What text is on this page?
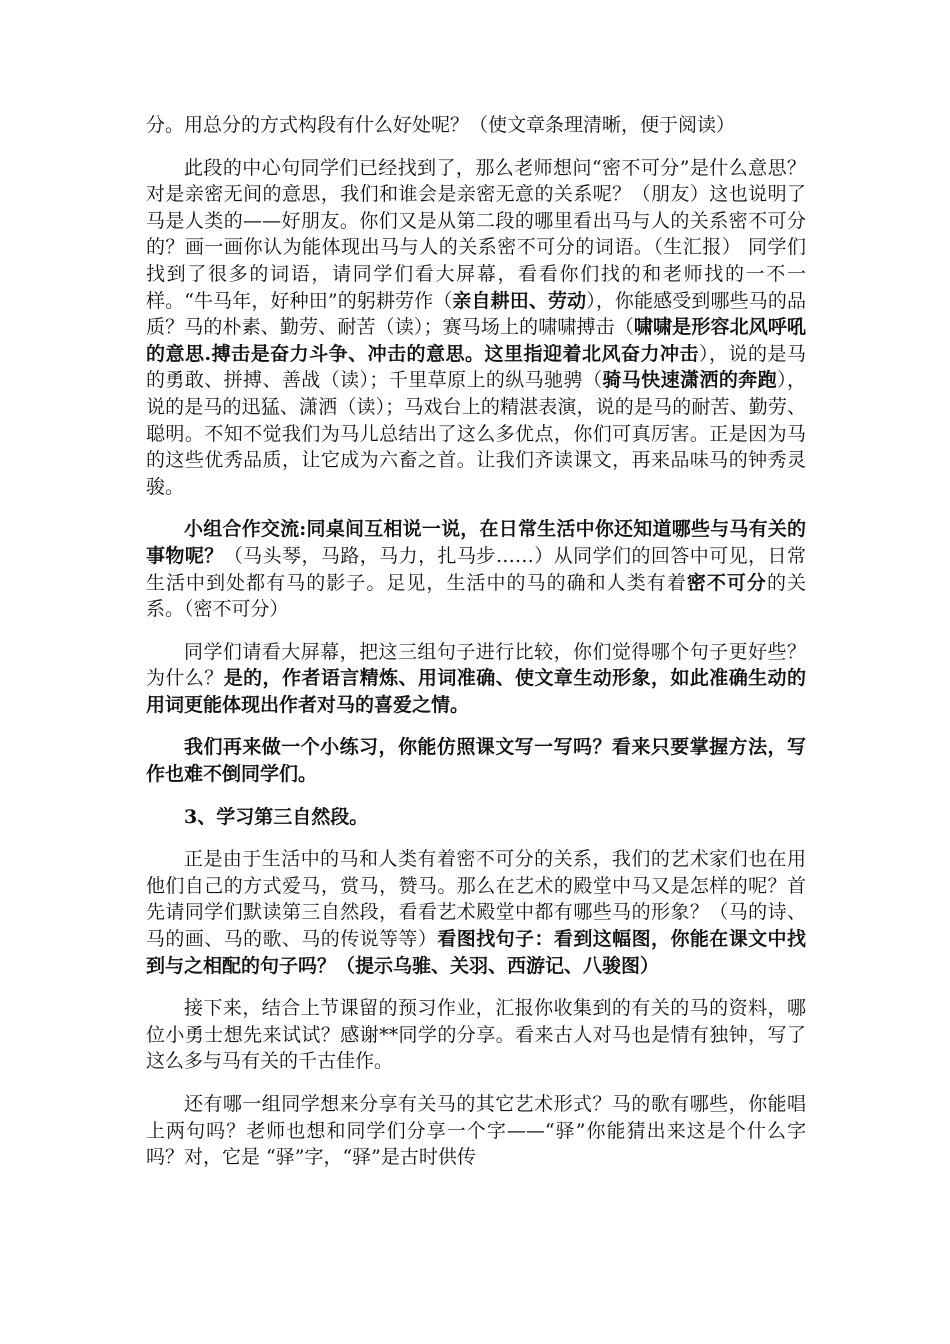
分。用总分的方式构段有什么好处呢？（使文章条理清晰，便于阅读）

此段的中心句同学们已经找到了，那么老师想问“密不可分”是什么意思？对是亲密无间的意思，我们和谁会是亲密无意的关系呢？（朋友）这也说明了马是人类的——好朋友。你们又是从第二段的哪里看出马与人的关系密不可分的？画一画你认为能体现出马与人的关系密不可分的词语。（生汇报） 同学们找到了很多的词语，请同学们看大屏幕，看看你们找的和老师找的一不一样。“牛马年，好种田”的躬耕劳作（亲自耕田、劳动），你能感受到哪些马的品质？马的朴素、勤劳、耐苦（读）；赛马场上的啸啸搏击（啸啸是形容北风呼吼的意思.搏击是奋力斗争、冲击的意思。这里指迎着北风奋力冲击），说的是马的勇敢、拼搏、善战（读）；千里草原上的纵马驰骋（骑马快速潇洒的奔跑），说的是马的迅猛、潇洒（读）；马戏台上的精湛表演，说的是马的耐苦、勤劳、聪明。不知不觉我们为马儿总结出了这么多优点，你们可真厉害。正是因为马的这些优秀品质，让它成为六畜之首。让我们齐读课文，再来品味马的钟秀灵骏。

小组合作交流:同桌间互相说一说，在日常生活中你还知道哪些与马有关的事物呢？（马头琴，马路，马力，扎马步……）从同学们的回答中可见，日常生活中到处都有马的影子。足见，生活中的马的确和人类有着密不可分的关系。（密不可分）

同学们请看大屏幕，把这三组句子进行比较，你们觉得哪个句子更好些？为什么？是的，作者语言精炼、用词准确、使文章生动形象，如此准确生动的用词更能体现出作者对马的喜爱之情。

我们再来做一个小练习，你能仿照课文写一写吗？看来只要掌握方法，写作也难不倒同学们。

3、学习第三自然段。

正是由于生活中的马和人类有着密不可分的关系，我们的艺术家们也在用他们自己的方式爱马，赏马，赞马。那么在艺术的殿堂中马又是怎样的呢？首先请同学们默读第三自然段，看看艺术殿堂中都有哪些马的形象？（马的诗、马的画、马的歌、马的传说等等）看图找句子：看到这幅图，你能在课文中找到与之相配的句子吗？（提示乌骓、关羽、西游记、八骏图）

接下来，结合上节课留的预习作业，汇报你收集到的有关的马的资料，哪位小勇士想先来试试？感谢**同学的分享。看来古人对马也是情有独钟，写了这么多与马有关的千古佳作。

还有哪一组同学想来分享有关马的其它艺术形式？马的歌有哪些，你能唱上两句吗？老师也想和同学们分享一个字——“驿”你能猜出来这是个什么字吗？对，它是 “驿”字，“驿”是古时供传
